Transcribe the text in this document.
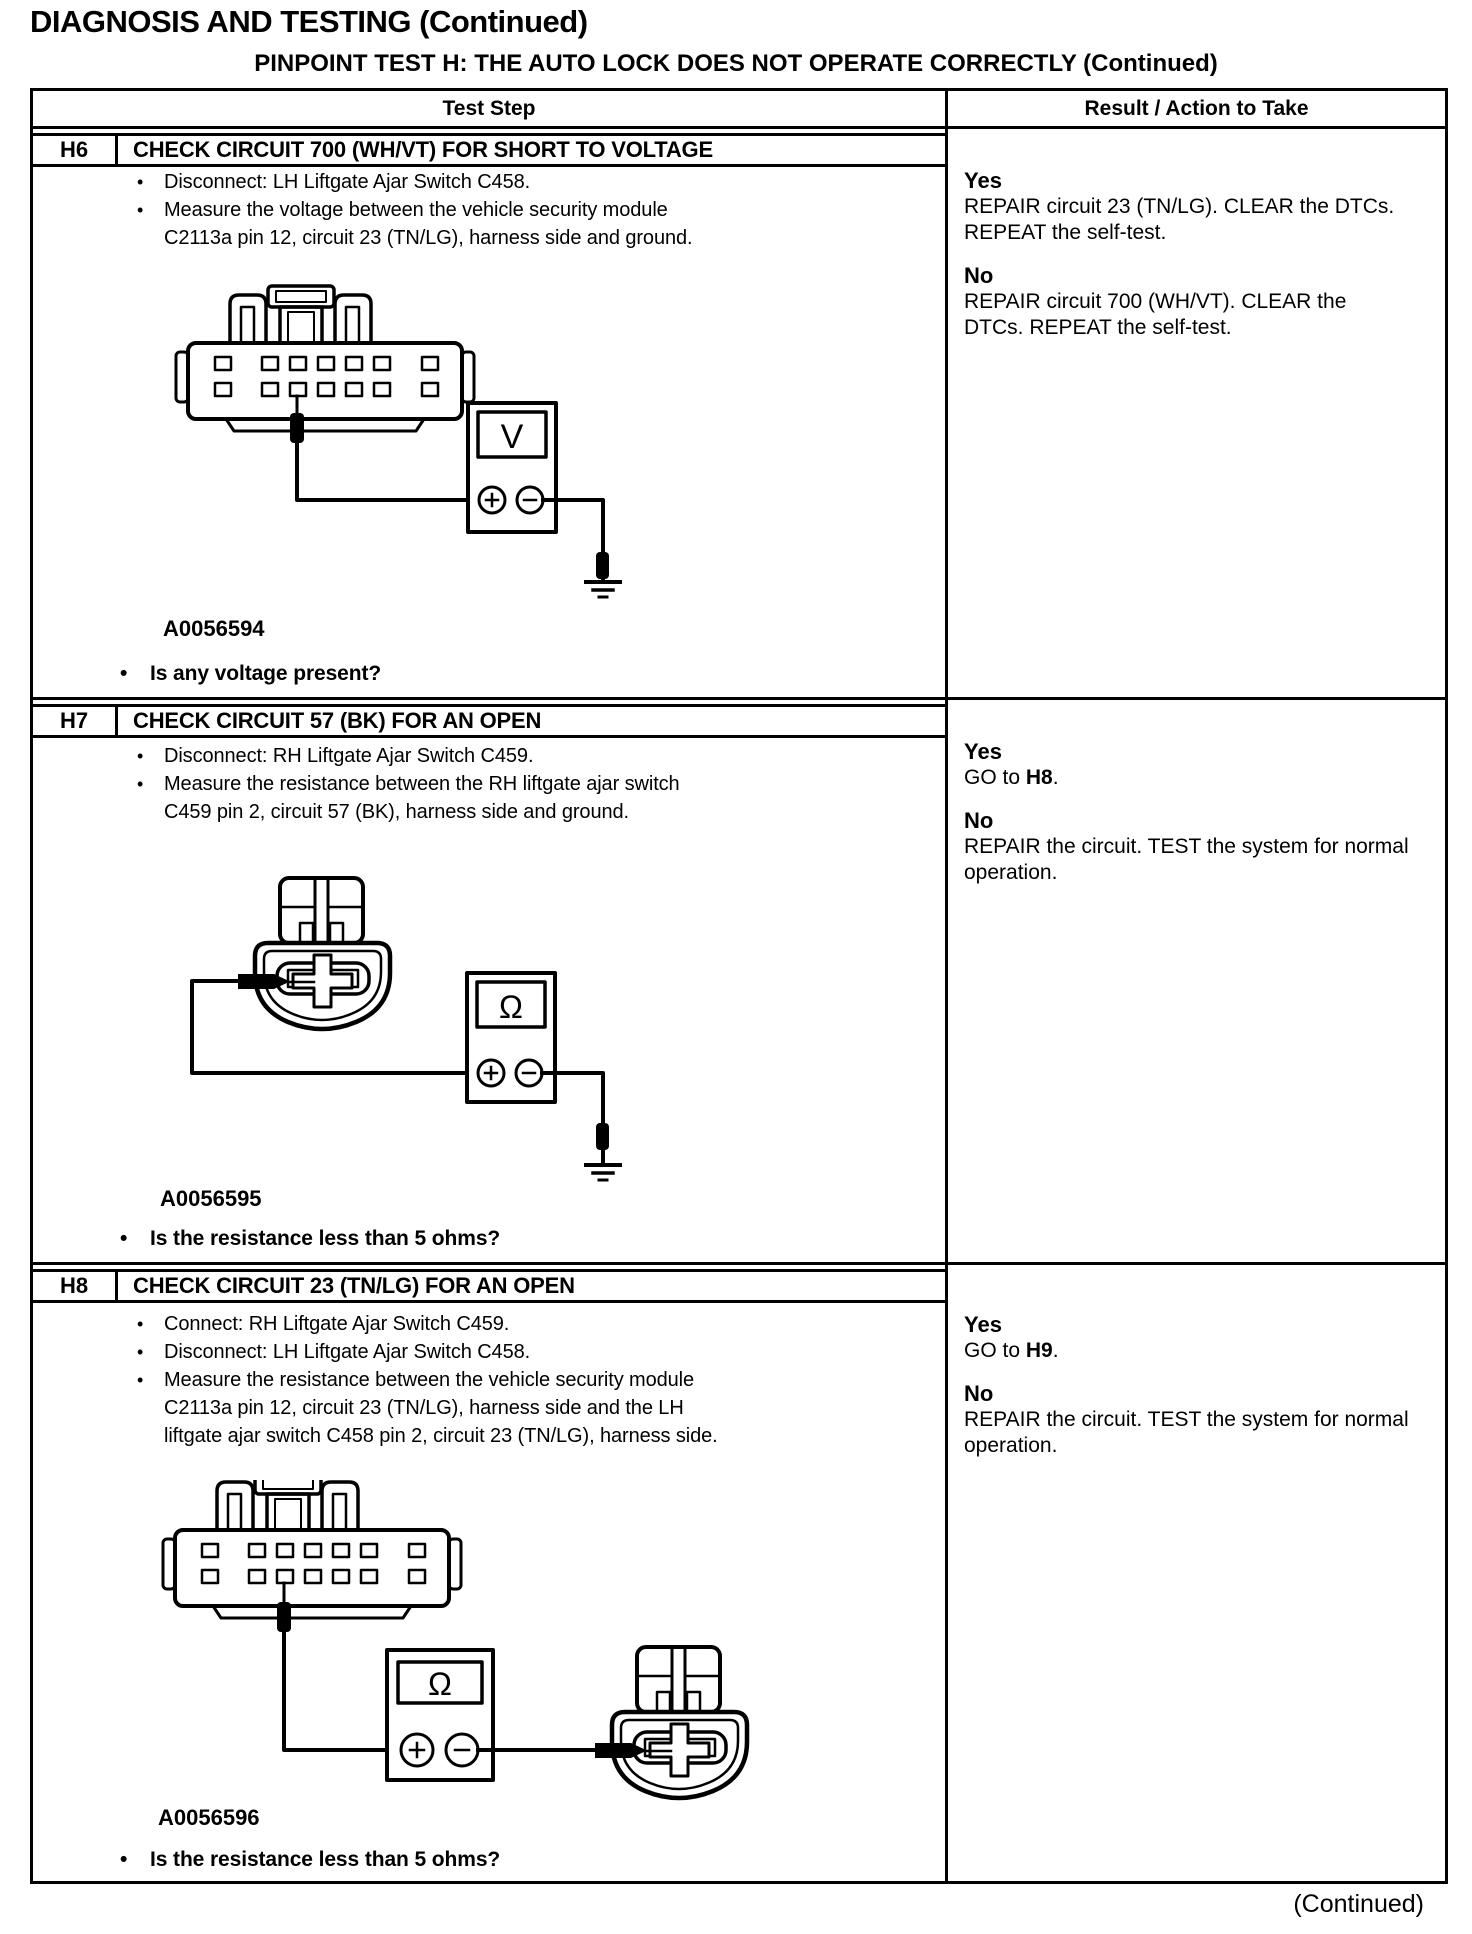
DIAGNOSIS AND TESTING (Continued)
PINPOINT TEST H: THE AUTO LOCK DOES NOT OPERATE CORRECTLY (Continued)
Test Step	Result / Action to Take
H6	CHECK CIRCUIT 700 (WH/VT) FOR SHORT TO VOLTAGE
•	Disconnect: LH Liftgate Ajar Switch C458.
•	Measure the voltage between the vehicle security module C2113a pin 12, circuit 23 (TN/LG), harness side and ground.
V
A0056594
•	Is any voltage present?
Yes
REPAIR circuit 23 (TN/LG). CLEAR the DTCs. REPEAT the self-test.
No
REPAIR circuit 700 (WH/VT). CLEAR the DTCs. REPEAT the self-test.
H7	CHECK CIRCUIT 57 (BK) FOR AN OPEN
•	Disconnect: RH Liftgate Ajar Switch C459.
•	Measure the resistance between the RH liftgate ajar switch C459 pin 2, circuit 57 (BK), harness side and ground.
Ω
A0056595
•	Is the resistance less than 5 ohms?
Yes
GO to H8.
No
REPAIR the circuit. TEST the system for normal operation.
H8	CHECK CIRCUIT 23 (TN/LG) FOR AN OPEN
•	Connect: RH Liftgate Ajar Switch C459.
•	Disconnect: LH Liftgate Ajar Switch C458.
•	Measure the resistance between the vehicle security module C2113a pin 12, circuit 23 (TN/LG), harness side and the LH liftgate ajar switch C458 pin 2, circuit 23 (TN/LG), harness side.
Ω
A0056596
•	Is the resistance less than 5 ohms?
Yes
GO to H9.
No
REPAIR the circuit. TEST the system for normal operation.
(Continued)
